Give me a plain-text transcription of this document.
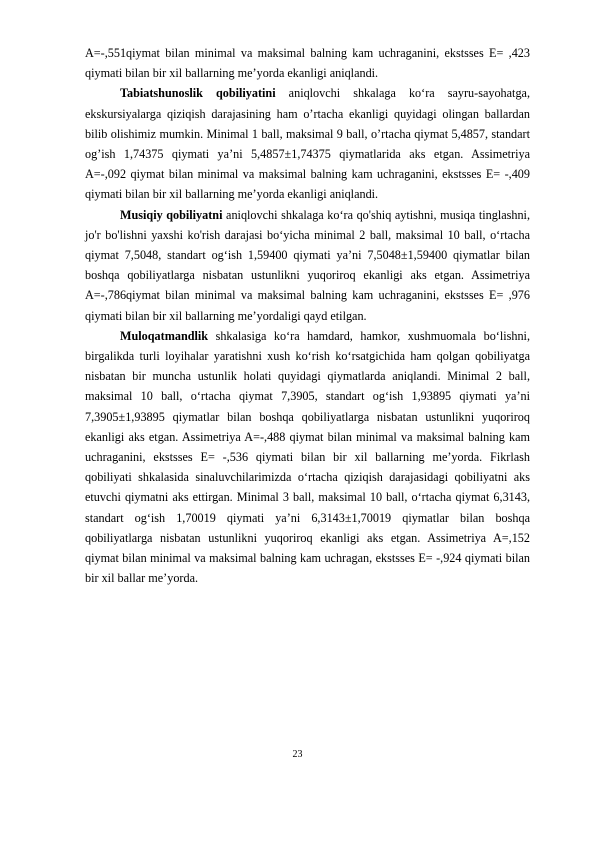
A=-,551qiymat bilan minimal va maksimal balning kam uchraganini, ekstsses E= ,423 qiymati bilan bir xil ballarning me’yorda ekanligi aniqlandi.

Tabiatshunoslik qobiliyatini aniqlovchi shkalaga ko‘ra sayru-sayohatga, ekskursiyalarga qiziqish darajasining ham o’rtacha ekanligi quyidagi olingan ballardan bilib olishimiz mumkin. Minimal 1 ball, maksimal 9 ball, o’rtacha qiymat 5,4857, standart og’ish 1,74375 qiymati ya’ni 5,4857±1,74375 qiymatlarida aks etgan. Assimetriya A=-,092 qiymat bilan minimal va maksimal balning kam uchraganini, ekstsses E= -,409 qiymati bilan bir xil ballarning me’yorda ekanligi aniqlandi.

Musiqiy qobiliyatni aniqlovchi shkalaga ko‘ra qo'shiq aytishni, musiqa tinglashni, jo'r bo'lishni yaxshi ko'rish darajasi bo‘yicha minimal 2 ball, maksimal 10 ball, o‘rtacha qiymat 7,5048, standart og‘ish 1,59400 qiymati ya’ni 7,5048±1,59400 qiymatlar bilan boshqa qobiliyatlarga nisbatan ustunlikni yuqoriroq ekanligi aks etgan. Assimetriya A=-,786qiymat bilan minimal va maksimal balning kam uchraganini, ekstsses E= ,976 qiymati bilan bir xil ballarning me’yordaligi qayd etilgan.

Muloqatmandlik shkalasiga ko‘ra hamdard, hamkor, xushmuomala bo‘lishni, birgalikda turli loyihalar yaratishni xush ko‘rish ko‘rsatgichida ham qolgan qobiliyatga nisbatan bir muncha ustunlik holati quyidagi qiymatlarda aniqlandi. Minimal 2 ball, maksimal 10 ball, o‘rtacha qiymat 7,3905, standart og‘ish 1,93895 qiymati ya’ni 7,3905±1,93895 qiymatlar bilan boshqa qobiliyatlarga nisbatan ustunlikni yuqoriroq ekanligi aks etgan. Assimetriya A=-,488 qiymat bilan minimal va maksimal balning kam uchraganini, ekstsses E= -,536 qiymati bilan bir xil ballarning me’yorda. Fikrlash qobiliyati shkalasida sinaluvchilarimizda o‘rtacha qiziqish darajasidagi qobiliyatni aks etuvchi qiymatni aks ettirgan. Minimal 3 ball, maksimal 10 ball, o‘rtacha qiymat 6,3143, standart og‘ish 1,70019 qiymati ya’ni 6,3143±1,70019 qiymatlar bilan boshqa qobiliyatlarga nisbatan ustunlikni yuqoriroq ekanligi aks etgan. Assimetriya A=,152 qiymat bilan minimal va maksimal balning kam uchragan, ekstsses E= -,924 qiymati bilan bir xil ballar me’yorda.

23
